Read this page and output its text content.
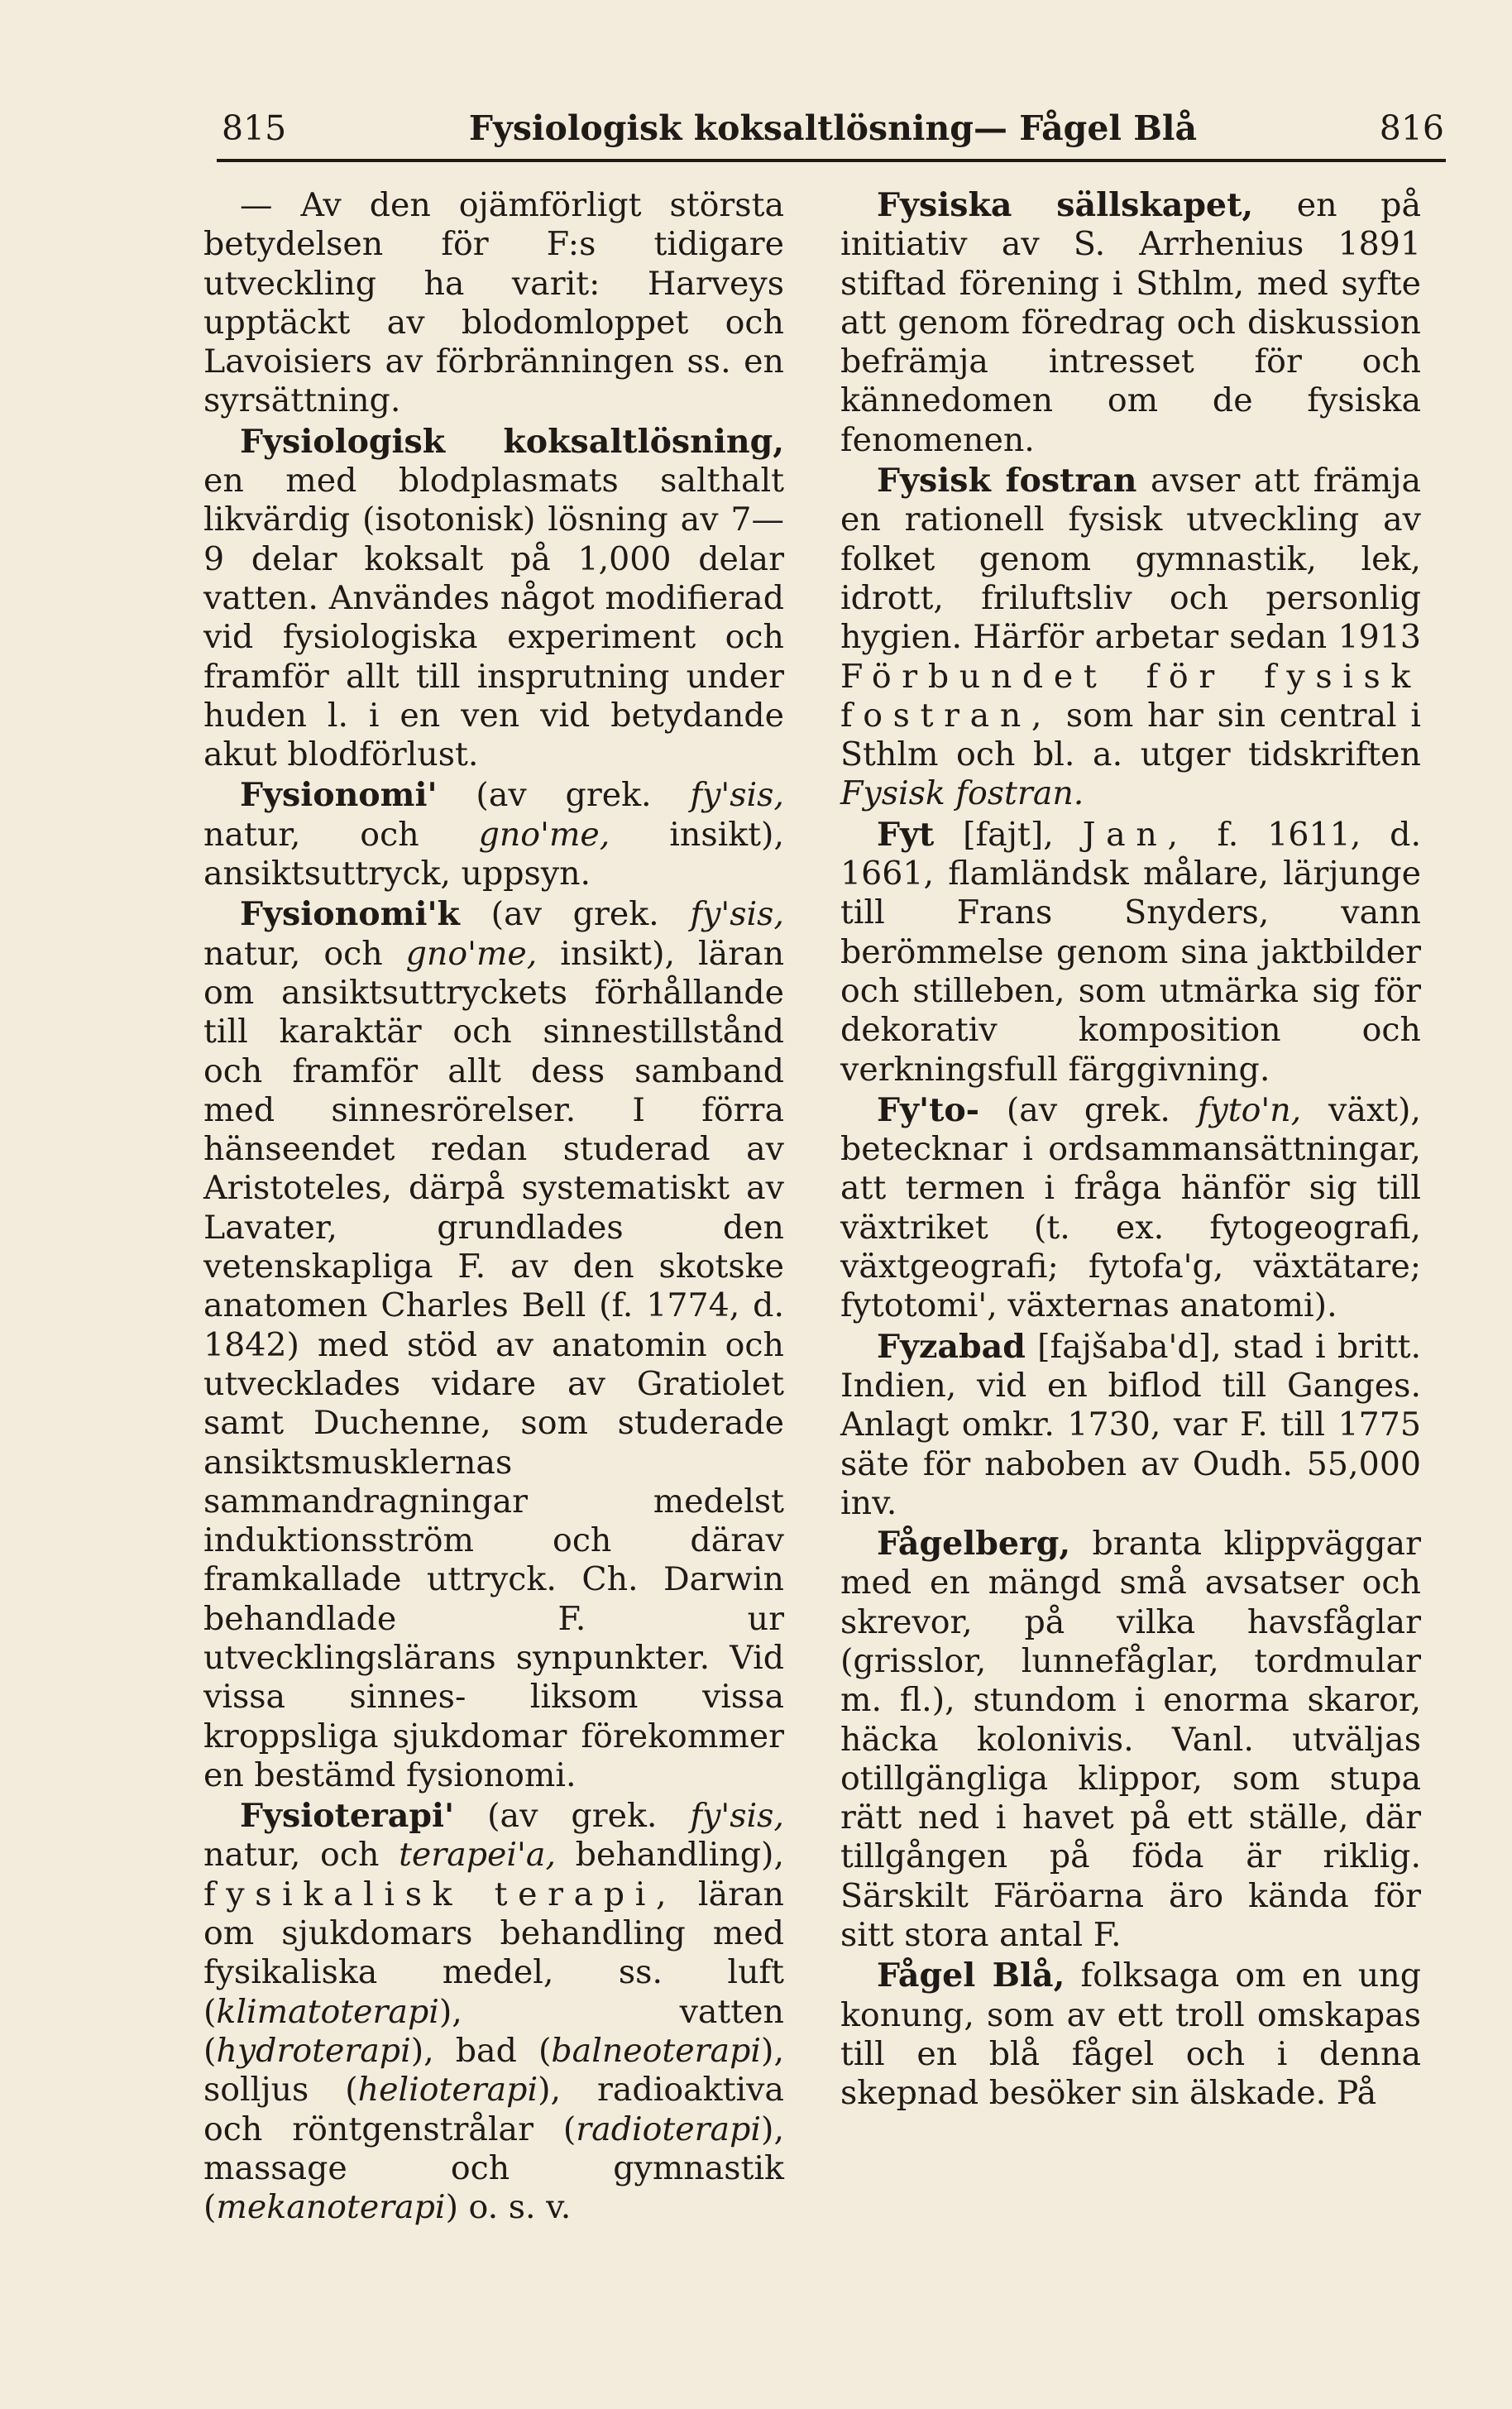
815	Fysiologisk koksaltlösning— Fågel Blå	816

— Av den ojämförligt största betydelsen för F:s tidigare utveckling ha varit: Harveys upptäckt av blodomloppet och Lavoisiers av förbränningen ss. en syrsättning.

Fysiologisk koksaltlösning, en med blodplasmats salthalt likvärdig (isotonisk) lösning av 7—9 delar koksalt på 1,000 delar vatten. Användes något modifierad vid fysiologiska experiment och framför allt till insprutning under huden l. i en ven vid betydande akut blodförlust.

Fysionomi' (av grek. fy'sis, natur, och gno'me, insikt), ansiktsuttryck, uppsyn.

Fysionomi'k (av grek. fy'sis, natur, och gno'me, insikt), läran om ansiktsuttryckets förhållande till karaktär och sinnestillstånd och framför allt dess samband med sinnesrörelser. I förra hänseendet redan studerad av Aristoteles, därpå systematiskt av Lavater, grundlades den vetenskapliga F. av den skotske anatomen Charles Bell (f. 1774, d. 1842) med stöd av anatomin och utvecklades vidare av Gratiolet samt Duchenne, som studerade ansiktsmusklernas sammandragningar medelst induktionsström och därav framkallade uttryck. Ch. Darwin behandlade F. ur utvecklingslärans synpunkter. Vid vissa sinnes- liksom vissa kroppsliga sjukdomar förekommer en bestämd fysionomi.

Fysioterapi' (av grek. fy'sis, natur, och terapei'a, behandling), fysikalisk terapi, läran om sjukdomars behandling med fysikaliska medel, ss. luft (klimatoterapi), vatten (hydroterapi), bad (balneoterapi), solljus (helioterapi), radioaktiva och röntgenstrålar (radioterapi), massage och gymnastik (mekanoterapi) o. s. v.

Fysiska sällskapet, en på initiativ av S. Arrhenius 1891 stiftad förening i Sthlm, med syfte att genom föredrag och diskussion befrämja intresset för och kännedomen om de fysiska fenomenen.

Fysisk fostran avser att främja en rationell fysisk utveckling av folket genom gymnastik, lek, idrott, friluftsliv och personlig hygien. Härför arbetar sedan 1913 Förbundet för fysisk fostran, som har sin central i Sthlm och bl. a. utger tidskriften Fysisk fostran.

Fyt [fajt], Jan, f. 1611, d. 1661, flamländsk målare, lärjunge till Frans Snyders, vann berömmelse genom sina jaktbilder och stilleben, som utmärka sig för dekorativ komposition och verkningsfull färggivning.

Fy'to- (av grek. fyto'n, växt), betecknar i ordsammansättningar, att termen i fråga hänför sig till växtriket (t. ex. fytogeografi, växtgeografi; fytofa'g, växtätare; fytotomi', växternas anatomi).

Fyzabad [fajšaba'd], stad i britt. Indien, vid en biflod till Ganges. Anlagt omkr. 1730, var F. till 1775 säte för naboben av Oudh. 55,000 inv.

Fågelberg, branta klippväggar med en mängd små avsatser och skrevor, på vilka havsfåglar (grisslor, lunnefåglar, tordmular m. fl.), stundom i enorma skaror, häcka kolonivis. Vanl. utväljas otillgängliga klippor, som stupa rätt ned i havet på ett ställe, där tillgången på föda är riklig. Särskilt Färöarna äro kända för sitt stora antal F.

Fågel Blå, folksaga om en ung konung, som av ett troll omskapas till en blå fågel och i denna skepnad besöker sin älskade. På
